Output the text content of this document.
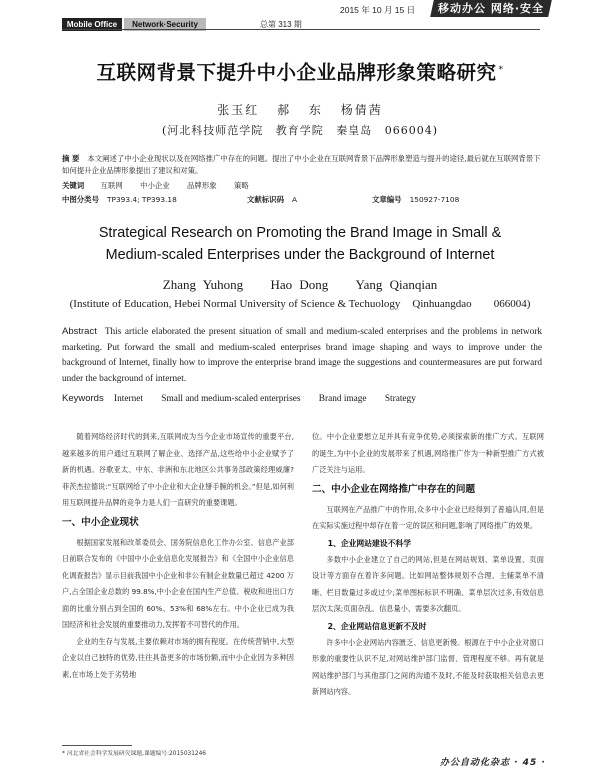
Mobile Office	Network·Security	总第 313 期
2015 年 10 月 15 日	移动办公 网络·安全
互联网背景下提升中小企业品牌形象策略研究 *
张玉红 郝 东 杨倩茜
(河北科技师范学院 教育学院 秦皇岛 066004)
摘 要 本文阐述了中小企业现状以及在网络推广中存在的问题。提出了中小企业在互联网背景下品牌形象塑造与提升的途径,最后就在互联网背景下如何提升企业品牌形象提出了建议和对策。
关键词 互联网 中小企业 品牌形象 策略
中图分类号 TP393.4; TP393.18	文献标识码 A	文章编号 150927-7108
Strategical Research on Promoting the Brand Image in Small &
Medium-scaled Enterprises under the Background of Internet
Zhang Yuhong Hao Dong Yang Qianqian
(Institute of Education, Hebei Normal University of Science & Techuology Qinhuangdao 066004)
Abstract This article elaborated the present situation of small and medium-scaled enterprises and the problems in network marketing. Put forward the small and medium-scaled enterprises brand image shaping and ways to improve under the background of Internet, finally how to improve the enterprise brand image the suggestions and countermeasures are put forward under the background of internet.
Keywords Internet Small and medium-scaled enterprises Brand image Strategy

随着网络经济时代的到来,互联网成为当今企业市场宣传的重要平台,越来越多的用户通过互联网了解企业、选择产品,这些给中小企业赋予了新的机遇。谷歌亚太、中东、非洲和东北地区公共事务部政策经理威廉?菲茨杰拉德说:“互联网给了中小企业和大企业掰手腕的机会。”但是,如何利用互联网提升品牌的竞争力是人们一直研究的重要课题。

一、中小企业现状

根据国家发展和改革委员会、国务院信息化工作办公室、信息产业部日前联合发布的《中国中小企业信息化发展报告》和《全国中小企业信息化调查报告》显示目前我国中小企业和非公有制企业数量已超过 4200 万户,占全国企业总数的 99.8%,中小企业在国内生产总值、税收和进出口方面的比重分别占到全国的 60%、53%和 68%左右。中小企业已成为我国经济和社会发展的重要推动力,发挥着不可替代的作用。

企业的生存与发展,主要依赖对市场的拥有程度。在传统营销中,大型企业以自己独特的优势,往往具备更多的市场份额,而中小企业因为多种因素,在市场上处于劣势地

位。中小企业要想立足并具有竞争优势,必须探索新的推广方式。互联网的诞生,为中小企业的发展带来了机遇,网络推广作为一种新型推广方式被广泛关注与运用。

二、中小企业在网络推广中存在的问题

互联网在产品推广中的作用,众多中小企业已经得到了普遍认同,但是在实际实施过程中却存在着一定的误区和问题,影响了网络推广的效果。

1、企业网站建设不科学

多数中小企业建立了自己的网站,但是在网站规划、菜单设置、页面设计等方面存在着许多问题。比如网站整体规划不合理、主辅菜单不清晰、栏目数量过多或过少;菜单图标标识不明确、菜单层次过多,有效信息层次太深;页面杂乱、信息量小、需要多次翻页。

2、企业网站信息更新不及时

许多中小企业网站内容匮乏、信息更新慢。根源在于中小企业对窗口形象的重要性认识不足,对网站维护部门监督、管理程度不够。再有就是网站维护部门与其他部门之间的沟通不及时,不能及时获取相关信息去更新网站内容。

* 河北省社会科学发展研究课题,课题编号:2015031246
办公自动化杂志 · 45 ·
